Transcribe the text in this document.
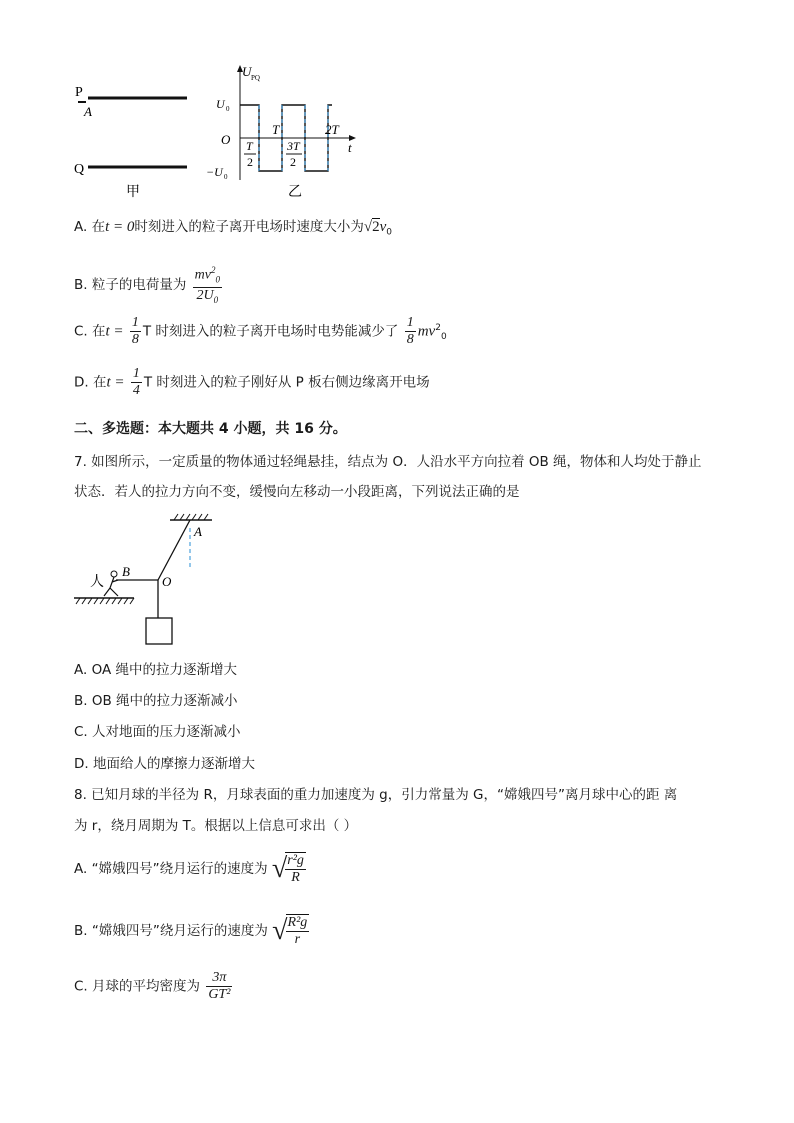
P
A
Q
甲
U PQ
t
O
U 0
−U 0
T	2T
T
2
3T
2
乙
A. 在t = 0时刻进入的粒子离开电场时速度大小为$√2v_0$
B. 粒子的电荷量为 $\frac{mv^2_0}{2U_0}$
C. 在$t = \frac{1}{8}$ T 时刻进入的粒子离开电场时电势能减少了 $\frac{1}{8} mv^2_0$
D. 在$t = \frac{1}{4}$ T 时刻进入的粒子刚好从 P 板右侧边缘离开电场
二、多选题：本大题共 4 小题，共 16 分。
7. 如图所示，一定质量的物体通过轻绳悬挂，结点为 O．人沿水平方向拉着 OB 绳，物体和人均处于静止
状态．若人的拉力方向不变，缓慢向左移动一小段距离，下列说法正确的是
A
O
B
人
A. OA 绳中的拉力逐渐增大
B. OB 绳中的拉力逐渐减小
C. 人对地面的压力逐渐减小
D. 地面给人的摩擦力逐渐增大
8. 已知月球的半径为 R，月球表面的重力加速度为 g，引力常量为 G，“嫦娥四号”离月球中心的距 离
为 r，绕月周期为 T。根据以上信息可求出（ ）
A. “嫦娥四号”绕月运行的速度为 √
$\frac{\text{r²g}}{R}$
B. “嫦娥四号”绕月运行的速度为 √
$\frac{\text{R²g}}{r}$
C. 月球的平均密度为 $\frac{3\pi}{\text{GT²}}$
